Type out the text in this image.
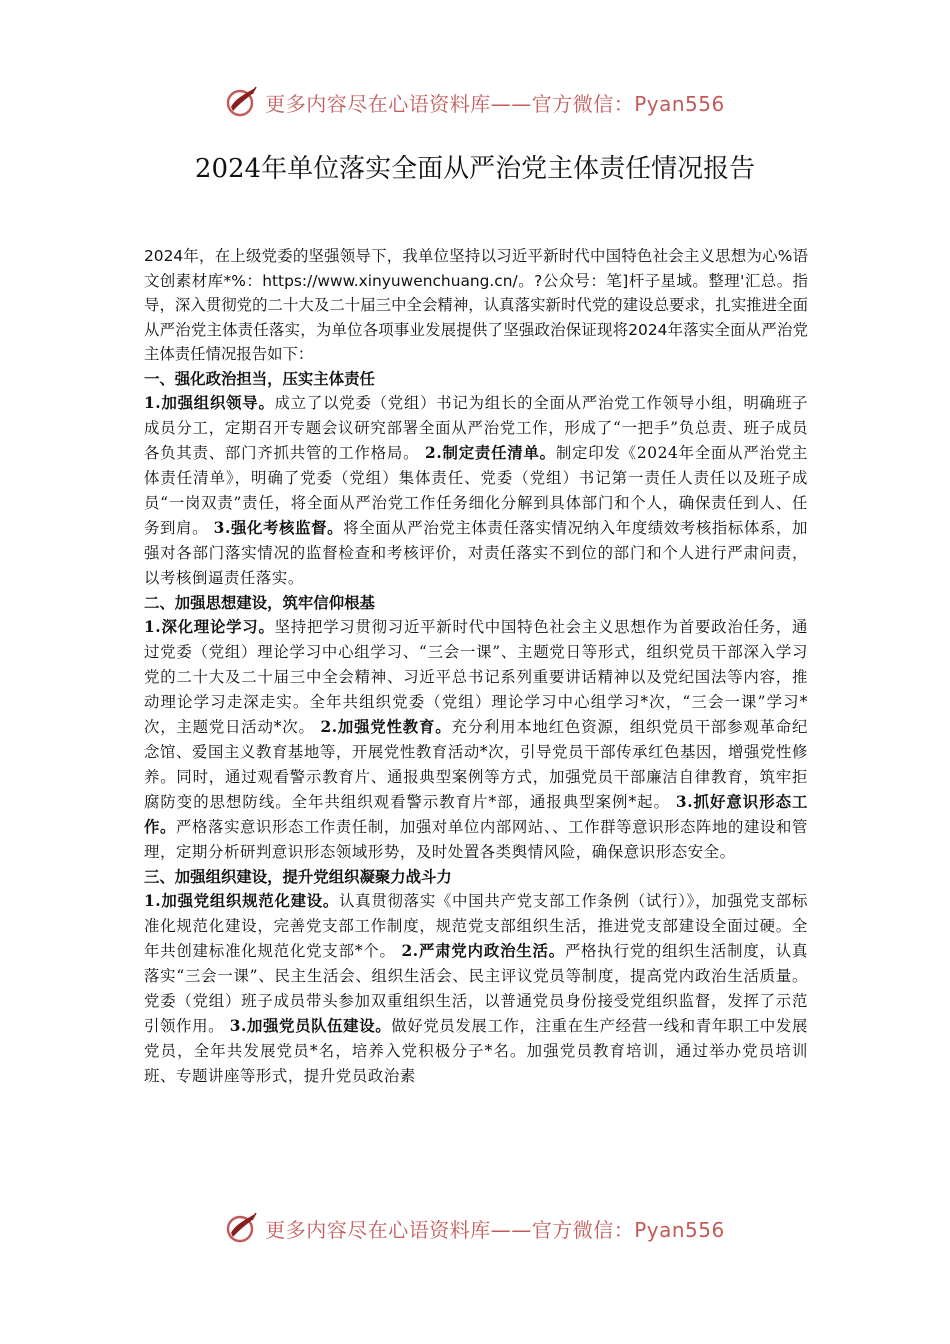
更多内容尽在心语资料库——官方微信：Pyan556
2024年单位落实全面从严治党主体责任情况报告

2024年，在上级党委的坚强领导下，我单位坚持以习近平新时代中国特色社会主义思想为心%语文创素材库*%：https://www.xinyuwenchuang.cn/。?公众号：笔]杆子星域。整理'汇总。指导，深入贯彻党的二十大及二十届三中全会精神，认真落实新时代党的建设总要求，扎实推进全面从严治党主体责任落实，为单位各项事业发展提供了坚强政治保证现将2024年落实全面从严治党主体责任情况报告如下：

一、强化政治担当，压实主体责任

1.加强组织领导。成立了以党委（党组）书记为组长的全面从严治党工作领导小组，明确班子成员分工，定期召开专题会议研究部署全面从严治党工作，形成了“一把手”负总责、班子成员各负其责、部门齐抓共管的工作格局。 2.制定责任清单。制定印发《2024年全面从严治党主体责任清单》，明确了党委（党组）集体责任、党委（党组）书记第一责任人责任以及班子成员“一岗双责”责任，将全面从严治党工作任务细化分解到具体部门和个人，确保责任到人、任务到肩。 3.强化考核监督。将全面从严治党主体责任落实情况纳入年度绩效考核指标体系，加强对各部门落实情况的监督检查和考核评价，对责任落实不到位的部门和个人进行严肃问责，以考核倒逼责任落实。

二、加强思想建设，筑牢信仰根基

1.深化理论学习。坚持把学习贯彻习近平新时代中国特色社会主义思想作为首要政治任务，通过党委（党组）理论学习中心组学习、“三会一课”、主题党日等形式，组织党员干部深入学习党的二十大及二十届三中全会精神、习近平总书记系列重要讲话精神以及党纪国法等内容，推动理论学习走深走实。全年共组织党委（党组）理论学习中心组学习*次，“三会一课”学习*次，主题党日活动*次。 2.加强党性教育。充分利用本地红色资源，组织党员干部参观革命纪念馆、爱国主义教育基地等，开展党性教育活动*次，引导党员干部传承红色基因，增强党性修养。同时，通过观看警示教育片、通报典型案例等方式，加强党员干部廉洁自律教育，筑牢拒腐防变的思想防线。全年共组织观看警示教育片*部，通报典型案例*起。 3.抓好意识形态工作。严格落实意识形态工作责任制，加强对单位内部网站、、工作群等意识形态阵地的建设和管理，定期分析研判意识形态领域形势，及时处置各类舆情风险，确保意识形态安全。

三、加强组织建设，提升党组织凝聚力战斗力

1.加强党组织规范化建设。认真贯彻落实《中国共产党支部工作条例（试行）》，加强党支部标准化规范化建设，完善党支部工作制度，规范党支部组织生活，推进党支部建设全面过硬。全年共创建标准化规范化党支部*个。 2.严肃党内政治生活。严格执行党的组织生活制度，认真落实“三会一课”、民主生活会、组织生活会、民主评议党员等制度，提高党内政治生活质量。党委（党组）班子成员带头参加双重组织生活，以普通党员身份接受党组织监督，发挥了示范引领作用。 3.加强党员队伍建设。做好党员发展工作，注重在生产经营一线和青年职工中发展党员，全年共发展党员*名，培养入党积极分子*名。加强党员教育培训，通过举办党员培训班、专题讲座等形式，提升党员政治素

更多内容尽在心语资料库——官方微信：Pyan556
